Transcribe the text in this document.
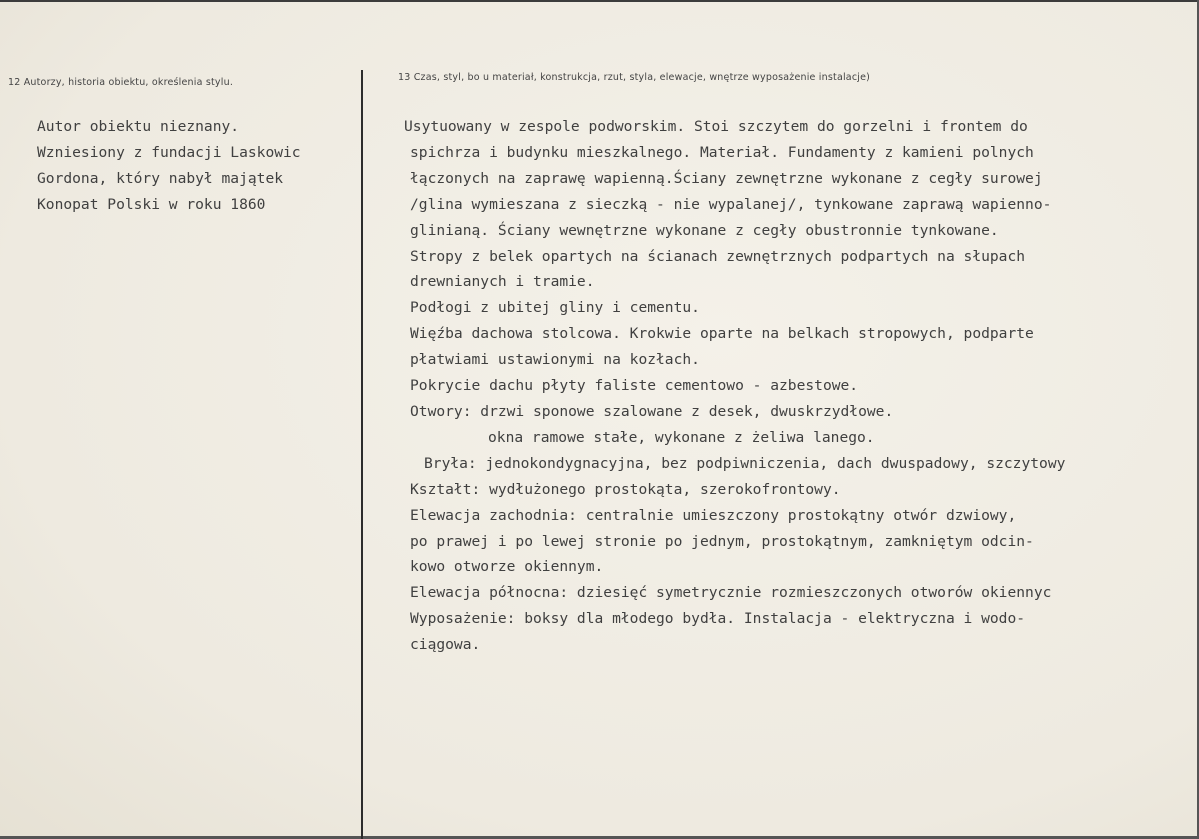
12 Autorzy, historia obiektu, określenia stylu.	13 Czas, styl, bo u materiał, konstrukcja, rzut, styla, elewacje, wnętrze wyposażenie instalacje)
Autor obiektu nieznany.
Wzniesiony z fundacji Laskowic
Gordona, który nabył majątek
Konopat Polski w roku 1860
Usytuowany w zespole podworskim. Stoi szczytem do gorzelni i frontem do
spichrza i budynku mieszkalnego. Materiał. Fundamenty z kamieni polnych
łączonych na zaprawę wapienną.Ściany zewnętrzne wykonane z cegły surowej
/glina wymieszana z sieczką - nie wypalanej/, tynkowane zaprawą wapienno-
glinianą. Ściany wewnętrzne wykonane z cegły obustronnie tynkowane.
Stropy z belek opartych na ścianach zewnętrznych podpartych na słupach
drewnianych i tramie.
Podłogi z ubitej gliny i cementu.
Więźba dachowa stolcowa. Krokwie oparte na belkach stropowych, podparte
płatwiami ustawionymi na kozłach.
Pokrycie dachu płyty faliste cementowo - azbestowe.
Otwory: drzwi sponowe szalowane z desek, dwuskrzydłowe.
okna ramowe stałe, wykonane z żeliwa lanego.
Bryła: jednokondygnacyjna, bez podpiwniczenia, dach dwuspadowy, szczytowy
Kształt: wydłużonego prostokąta, szerokofrontowy.
Elewacja zachodnia: centralnie umieszczony prostokątny otwór dzwiowy,
po prawej i po lewej stronie po jednym, prostokątnym, zamkniętym odcin-
kowo otworze okiennym.
Elewacja północna: dziesięć symetrycznie rozmieszczonych otworów okiennyc
Wyposażenie: boksy dla młodego bydła. Instalacja - elektryczna i wodo-
ciągowa.
